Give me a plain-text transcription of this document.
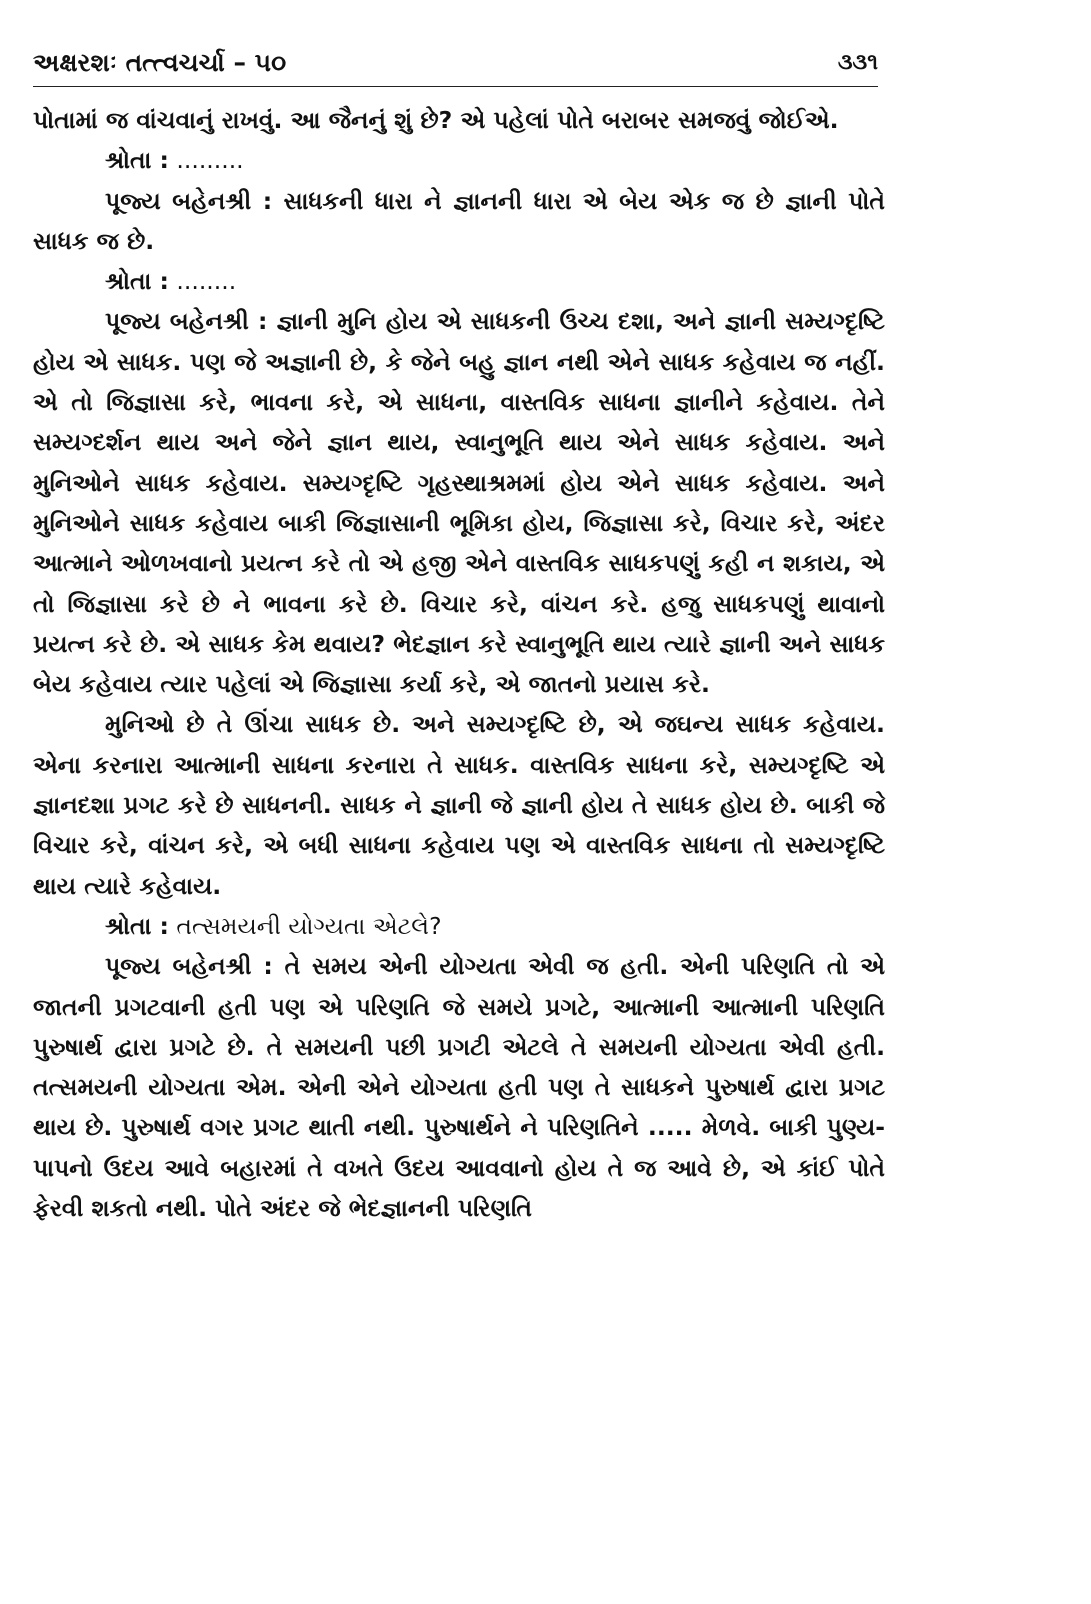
અક્ષરશઃ તત્ત્વચર્ચા – ૫૦	૩૩૧

પોતામાં જ વાંચવાનું રાખવું. આ જૈનનું શું છે? એ પહેલાં પોતે બરાબર સમજવું જોઈએ.

શ્રોતા : .........

પૂજ્ય બહેનશ્રી : સાધકની ધારા ને જ્ઞાનની ધારા એ બેય એક જ છે જ્ઞાની પોતે સાધક જ છે.

શ્રોતા : ........

પૂજ્ય બહેનશ્રી : જ્ઞાની મુનિ હોય એ સાધકની ઉચ્ચ દશા, અને જ્ઞાની સમ્યગ્દૃષ્ટિ હોય એ સાધક. પણ જે અજ્ઞાની છે, કે જેને બહુ જ્ઞાન નથી એને સાધક કહેવાય જ નહીં. એ તો જિજ્ઞાસા કરે, ભાવના કરે, એ સાધના, વાસ્તવિક સાધના જ્ઞાનીને કહેવાય. તેને સમ્યગ્દર્શન થાય અને જેને જ્ઞાન થાય, સ્વાનુભૂતિ થાય એને સાધક કહેવાય. અને મુનિઓને સાધક કહેવાય. સમ્યગ્દૃષ્ટિ ગૃહસ્થાશ્રમમાં હોય એને સાધક કહેવાય. અને મુનિઓને સાધક કહેવાય બાકી જિજ્ઞાસાની ભૂમિકા હોય, જિજ્ઞાસા કરે, વિચાર કરે, અંદર આત્માને ઓળખવાનો પ્રયત્ન કરે તો એ હજી એને વાસ્તવિક સાધકપણું કહી ન શકાય, એ તો જિજ્ઞાસા કરે છે ને ભાવના કરે છે. વિચાર કરે, વાંચન કરે. હજુ સાધકપણું થાવાનો પ્રયત્ન કરે છે. એ સાધક કેમ થવાય? ભેદજ્ઞાન કરે સ્વાનુભૂતિ થાય ત્યારે જ્ઞાની અને સાધક બેય કહેવાય ત્યાર પહેલાં એ જિજ્ઞાસા કર્યા કરે, એ જાતનો પ્રયાસ કરે.

મુનિઓ છે તે ઊંચા સાધક છે. અને સમ્યગ્દૃષ્ટિ છે, એ જઘન્ય સાધક કહેવાય. એના કરનારા આત્માની સાધના કરનારા તે સાધક. વાસ્તવિક સાધના કરે, સમ્યગ્દૃષ્ટિ એ જ્ઞાનદશા પ્રગટ કરે છે સાધનની. સાધક ને જ્ઞાની જે જ્ઞાની હોય તે સાધક હોય છે. બાકી જે વિચાર કરે, વાંચન કરે, એ બધી સાધના કહેવાય પણ એ વાસ્તવિક સાધના તો સમ્યગ્દૃષ્ટિ થાય ત્યારે કહેવાય.

શ્રોતા : તત્સમયની યોગ્યતા એટલે?

પૂજ્ય બહેનશ્રી : તે સમય એની યોગ્યતા એવી જ હતી. એની પરિણતિ તો એ જાતની પ્રગટવાની હતી પણ એ પરિણતિ જે સમયે પ્રગટે, આત્માની આત્માની પરિણતિ પુરુષાર્થ દ્વારા પ્રગટે છે. તે સમયની પછી પ્રગટી એટલે તે સમયની યોગ્યતા એવી હતી. તત્સમયની યોગ્યતા એમ. એની એને યોગ્યતા હતી પણ તે સાધકને પુરુષાર્થ દ્વારા પ્રગટ થાય છે. પુરુષાર્થ વગર પ્રગટ થાતી નથી. પુરુષાર્થને ને પરિણતિને ..... મેળવે. બાકી પુણ્ય-પાપનો ઉદય આવે બહારમાં તે વખતે ઉદય આવવાનો હોય તે જ આવે છે, એ કાંઈ પોતે ફેરવી શકતો નથી. પોતે અંદર જે ભેદજ્ઞાનની પરિણતિ
